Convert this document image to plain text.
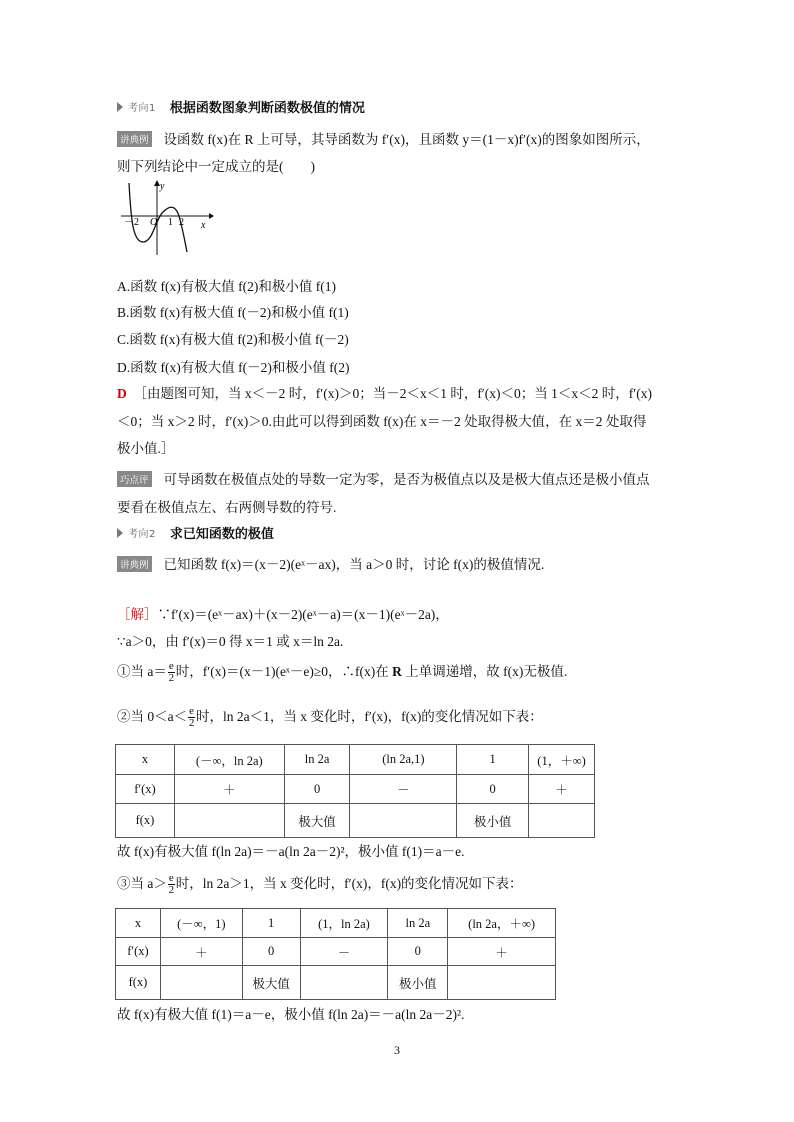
考向1 根据函数图象判断函数极值的情况
讲典例 设函数 f(x)在 R 上可导，其导函数为 f′(x)，且函数 y＝(1－x)f′(x)的图象如图所示，
则下列结论中一定成立的是(　　)
y
x
－2 O 1 2
A.函数 f(x)有极大值 f(2)和极小值 f(1)
B.函数 f(x)有极大值 f(－2)和极小值 f(1)
C.函数 f(x)有极大值 f(2)和极小值 f(－2)
D.函数 f(x)有极大值 f(－2)和极小值 f(2)
D ［由题图可知，当 x＜－2 时，f′(x)＞0；当－2＜x＜1 时，f′(x)＜0；当 1＜x＜2 时，f′(x)
＜0；当 x＞2 时，f′(x)＞0.由此可以得到函数 f(x)在 x＝－2 处取得极大值，在 x＝2 处取得
极小值.］
巧点评 可导函数在极值点处的导数一定为零，是否为极值点以及是极大值点还是极小值点
要看在极值点左、右两侧导数的符号.
考向2 求已知函数的极值
讲典例 已知函数 f(x)＝(x－2)(eˣ－ax)，当 a＞0 时，讨论 f(x)的极值情况.
［解］∵f′(x)＝(eˣ－ax)＋(x－2)(eˣ－a)＝(x－1)(eˣ－2a)，
∵a＞0，由 f′(x)＝0 得 x＝1 或 x＝ln 2a.
①当 $a= \frac{e}{2}$ 时，f′(x)＝(x－1)(eˣ－e)≥0，∴f(x)在 R 上单调递增，故 f(x)无极值.
②当 $0<a< \frac{e}{2}$ 时，ln 2a＜1，当 x 变化时，f′(x)，f(x)的变化情况如下表：
x	(－∞，ln 2a)	ln 2a	(ln 2a,1)	1	(1，＋∞)
f′(x)	＋	0	－	0	＋
f(x)		极大值		极小值	
故 f(x)有极大值 f(ln 2a)＝－a(ln 2a－2)²，极小值 f(1)＝a－e.
③当 $a> \frac{e}{2}$ 时，ln 2a＞1，当 x 变化时，f′(x)，f(x)的变化情况如下表：
x	(－∞，1)	1	(1，ln 2a)	ln 2a	(ln 2a，＋∞)
f′(x)	＋	0	－	0	＋
f(x)		极大值		极小值	
故 f(x)有极大值 f(1)＝a－e，极小值 f(ln 2a)＝－a(ln 2a－2)².
3
